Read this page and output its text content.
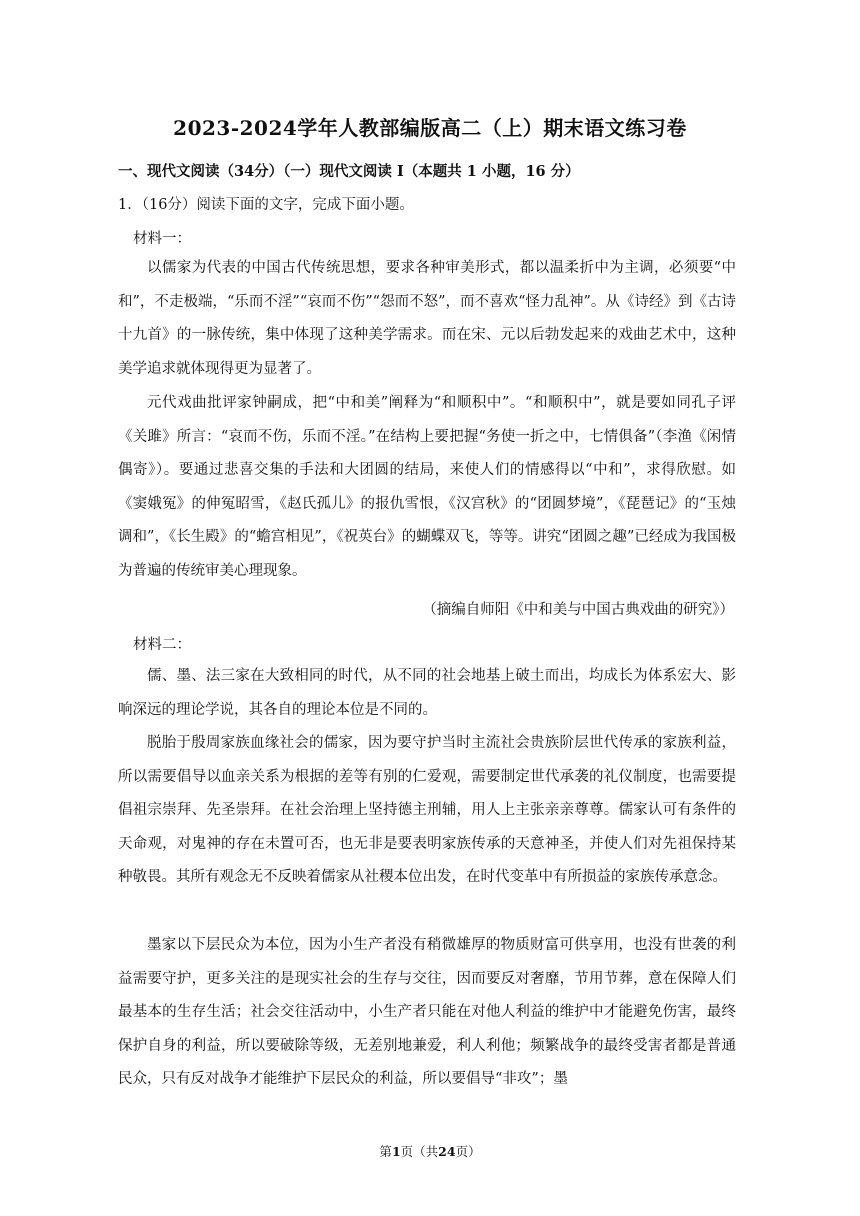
2023-2024学年人教部编版高二（上）期末语文练习卷
一、现代文阅读（34分）（一）现代文阅读 I（本题共 1 小题，16 分）
1．（16分）阅读下面的文字，完成下面小题。
材料一：
以儒家为代表的中国古代传统思想，要求各种审美形式，都以温柔折中为主调，必须要“中和”，不走极端，“乐而不淫”“哀而不伤”“怨而不怒”，而不喜欢“怪力乱神”。从《诗经》到《古诗十九首》的一脉传统，集中体现了这种美学需求。而在宋、元以后勃发起来的戏曲艺术中，这种美学追求就体现得更为显著了。
元代戏曲批评家钟嗣成，把“中和美”阐释为“和顺积中”。“和顺积中”，就是要如同孔子评《关雎》所言：“哀而不伤，乐而不淫。”在结构上要把握“务使一折之中，七情俱备”（李渔《闲情偶寄》）。要通过悲喜交集的手法和大团圆的结局，来使人们的情感得以“中和”，求得欣慰。如《窦娥冤》的伸冤昭雪，《赵氏孤儿》的报仇雪恨，《汉宫秋》的“团圆梦境”，《琵琶记》的“玉烛调和”，《长生殿》的“蟾宫相见”，《祝英台》的蝴蝶双飞，等等。讲究“团圆之趣”已经成为我国极为普遍的传统审美心理现象。
（摘编自师阳《中和美与中国古典戏曲的研究》）
材料二：
儒、墨、法三家在大致相同的时代，从不同的社会地基上破土而出，均成长为体系宏大、影响深远的理论学说，其各自的理论本位是不同的。
脱胎于殷周家族血缘社会的儒家，因为要守护当时主流社会贵族阶层世代传承的家族利益，所以需要倡导以血亲关系为根据的差等有别的仁爱观，需要制定世代承袭的礼仪制度，也需要提倡祖宗崇拜、先圣崇拜。在社会治理上坚持德主刑辅，用人上主张亲亲尊尊。儒家认可有条件的天命观，对鬼神的存在未置可否，也无非是要表明家族传承的天意神圣，并使人们对先祖保持某种敬畏。其所有观念无不反映着儒家从社稷本位出发，在时代变革中有所损益的家族传承意念。
墨家以下层民众为本位，因为小生产者没有稍微雄厚的物质财富可供享用，也没有世袭的利益需要守护，更多关注的是现实社会的生存与交往，因而要反对奢靡，节用节葬，意在保障人们最基本的生存生活；社会交往活动中，小生产者只能在对他人利益的维护中才能避免伤害，最终保护自身的利益，所以要破除等级，无差别地兼爱，利人利他；频繁战争的最终受害者都是普通民众，只有反对战争才能维护下层民众的利益，所以要倡导“非攻”；墨
第1页（共24页）
